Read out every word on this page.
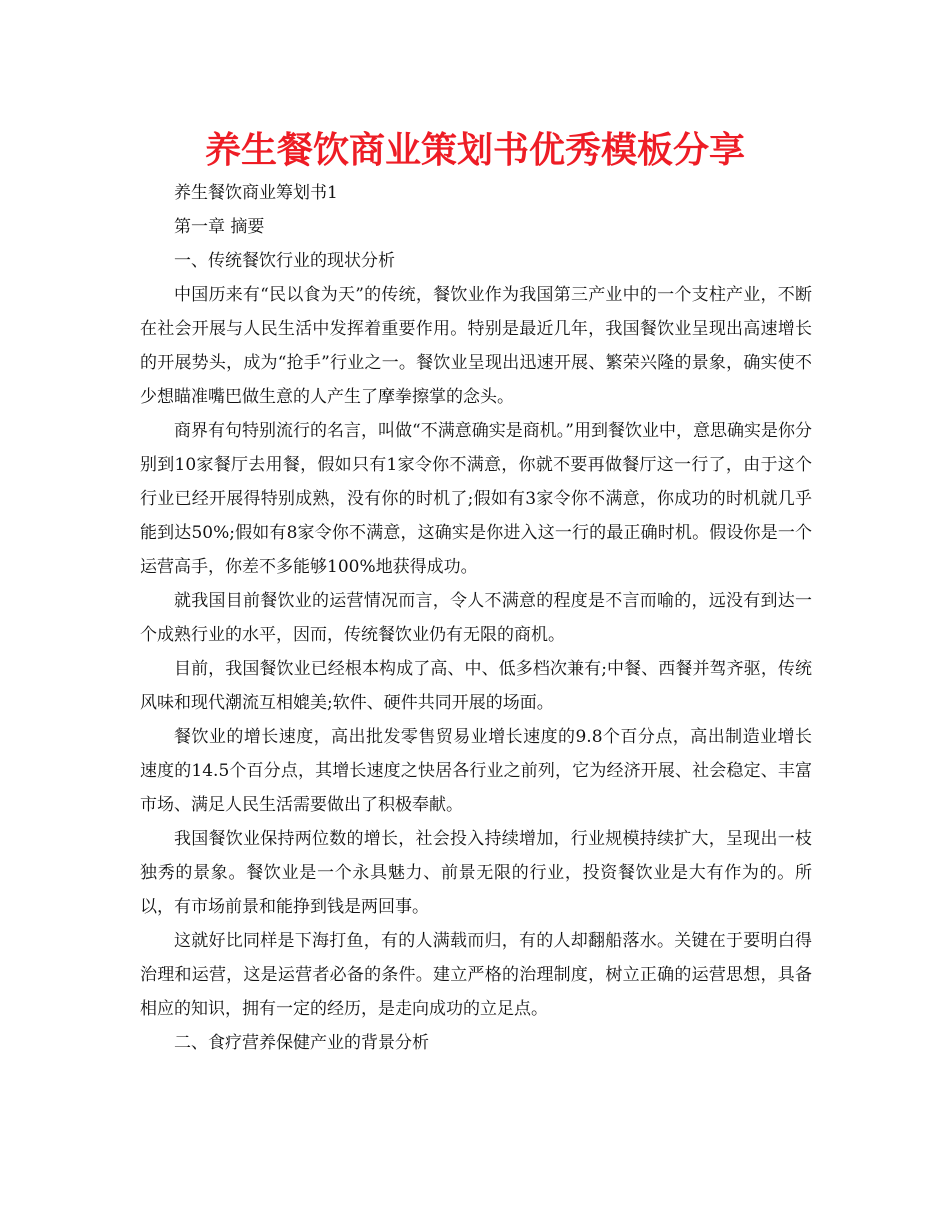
养生餐饮商业策划书优秀模板分享

养生餐饮商业筹划书1

第一章 摘要

一、传统餐饮行业的现状分析

中国历来有“民以食为天”的传统，餐饮业作为我国第三产业中的一个支柱产业，不断在社会开展与人民生活中发挥着重要作用。特别是最近几年，我国餐饮业呈现出高速增长的开展势头，成为“抢手”行业之一。餐饮业呈现出迅速开展、繁荣兴隆的景象，确实使不少想瞄准嘴巴做生意的人产生了摩拳擦掌的念头。

商界有句特别流行的名言，叫做“不满意确实是商机。”用到餐饮业中，意思确实是你分别到10家餐厅去用餐，假如只有1家令你不满意，你就不要再做餐厅这一行了，由于这个行业已经开展得特别成熟，没有你的时机了;假如有3家令你不满意，你成功的时机就几乎能到达50%;假如有8家令你不满意，这确实是你进入这一行的最正确时机。假设你是一个运营高手，你差不多能够100%地获得成功。

就我国目前餐饮业的运营情况而言，令人不满意的程度是不言而喻的，远没有到达一个成熟行业的水平，因而，传统餐饮业仍有无限的商机。

目前，我国餐饮业已经根本构成了高、中、低多档次兼有;中餐、西餐并驾齐驱，传统风味和现代潮流互相媲美;软件、硬件共同开展的场面。

餐饮业的增长速度，高出批发零售贸易业增长速度的9.8个百分点，高出制造业增长速度的14.5个百分点，其增长速度之快居各行业之前列，它为经济开展、社会稳定、丰富市场、满足人民生活需要做出了积极奉献。

我国餐饮业保持两位数的增长，社会投入持续增加，行业规模持续扩大，呈现出一枝独秀的景象。餐饮业是一个永具魅力、前景无限的行业，投资餐饮业是大有作为的。所以，有市场前景和能挣到钱是两回事。

这就好比同样是下海打鱼，有的人满载而归，有的人却翻船落水。关键在于要明白得治理和运营，这是运营者必备的条件。建立严格的治理制度，树立正确的运营思想，具备相应的知识，拥有一定的经历，是走向成功的立足点。

二、食疗营养保健产业的背景分析
